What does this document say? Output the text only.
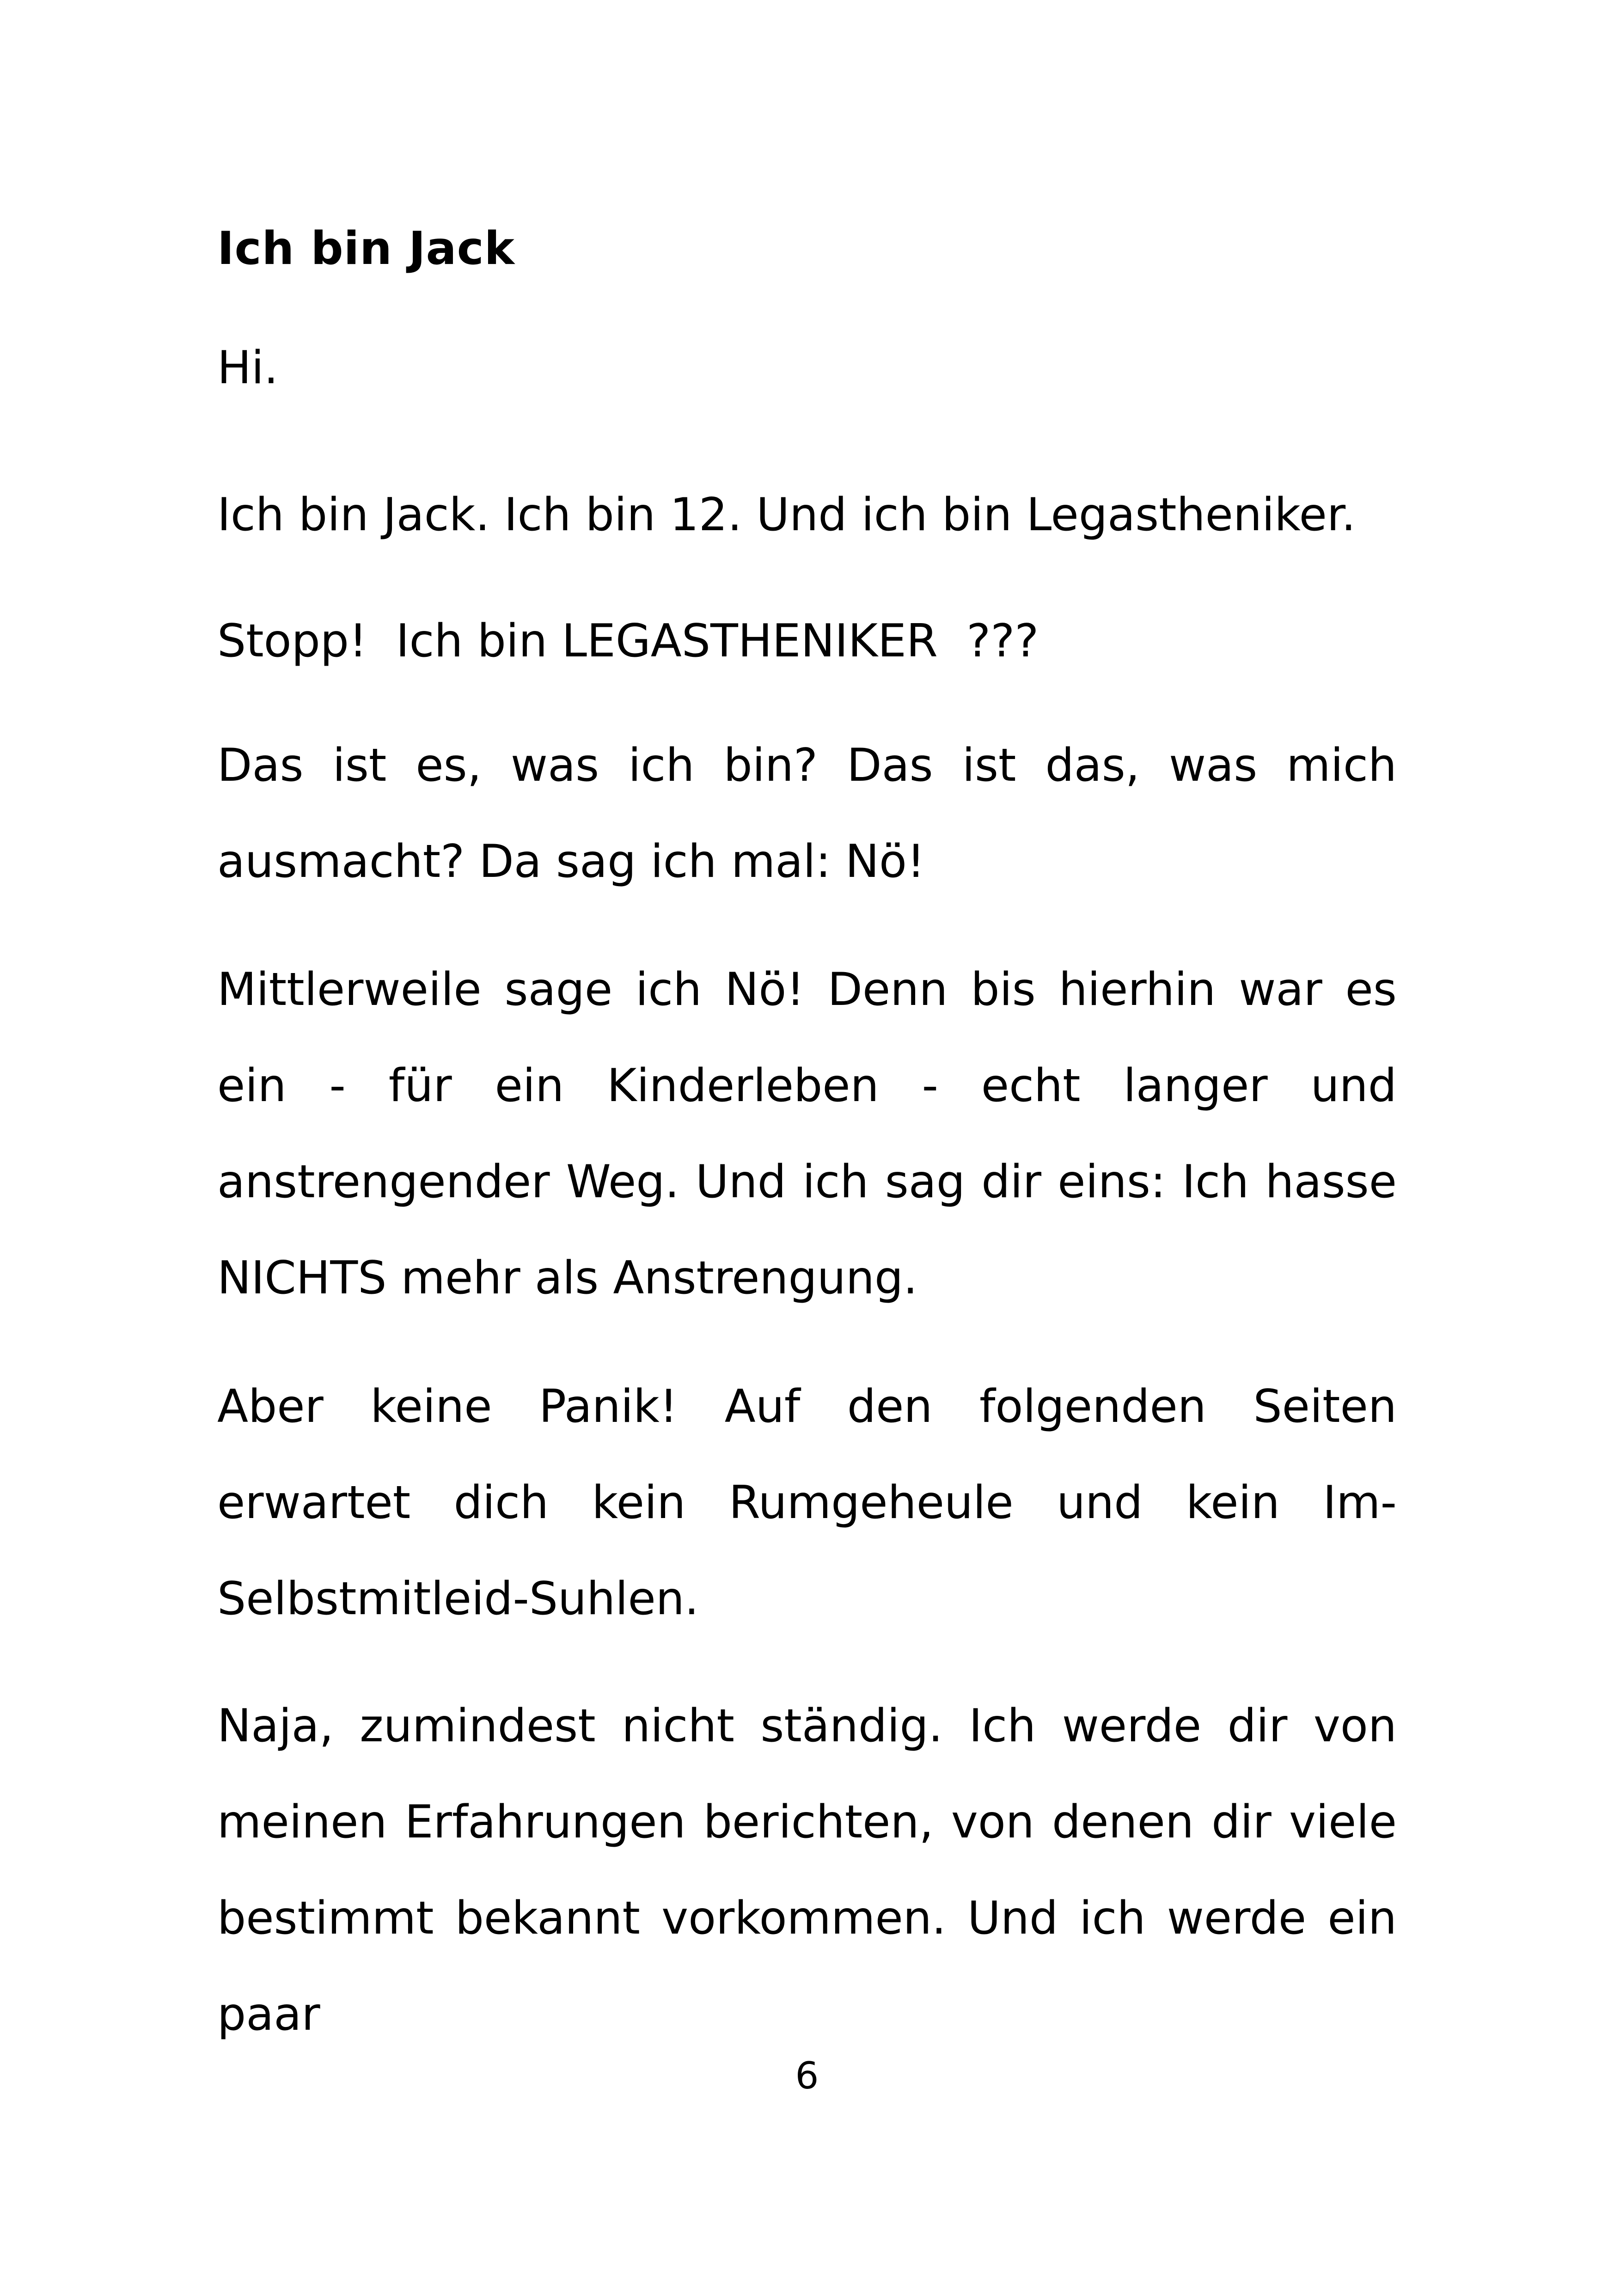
Ich bin Jack

Hi.

Ich bin Jack. Ich bin 12. Und ich bin Legastheniker.

Stopp!  Ich bin LEGASTHENIKER  ???

Das ist es, was ich bin? Das ist das, was mich ausmacht? Da sag ich mal: Nö!

Mittlerweile sage ich Nö! Denn bis hierhin war es ein - für ein Kinderleben - echt langer und anstrengender Weg. Und ich sag dir eins: Ich hasse NICHTS mehr als Anstrengung.

Aber keine Panik! Auf den folgenden Seiten erwartet dich kein Rumgeheule und kein Im-Selbstmitleid-Suhlen.

Naja, zumindest nicht ständig. Ich werde dir von meinen Erfahrungen berichten, von denen dir viele bestimmt bekannt vorkommen. Und ich werde ein paar

6
